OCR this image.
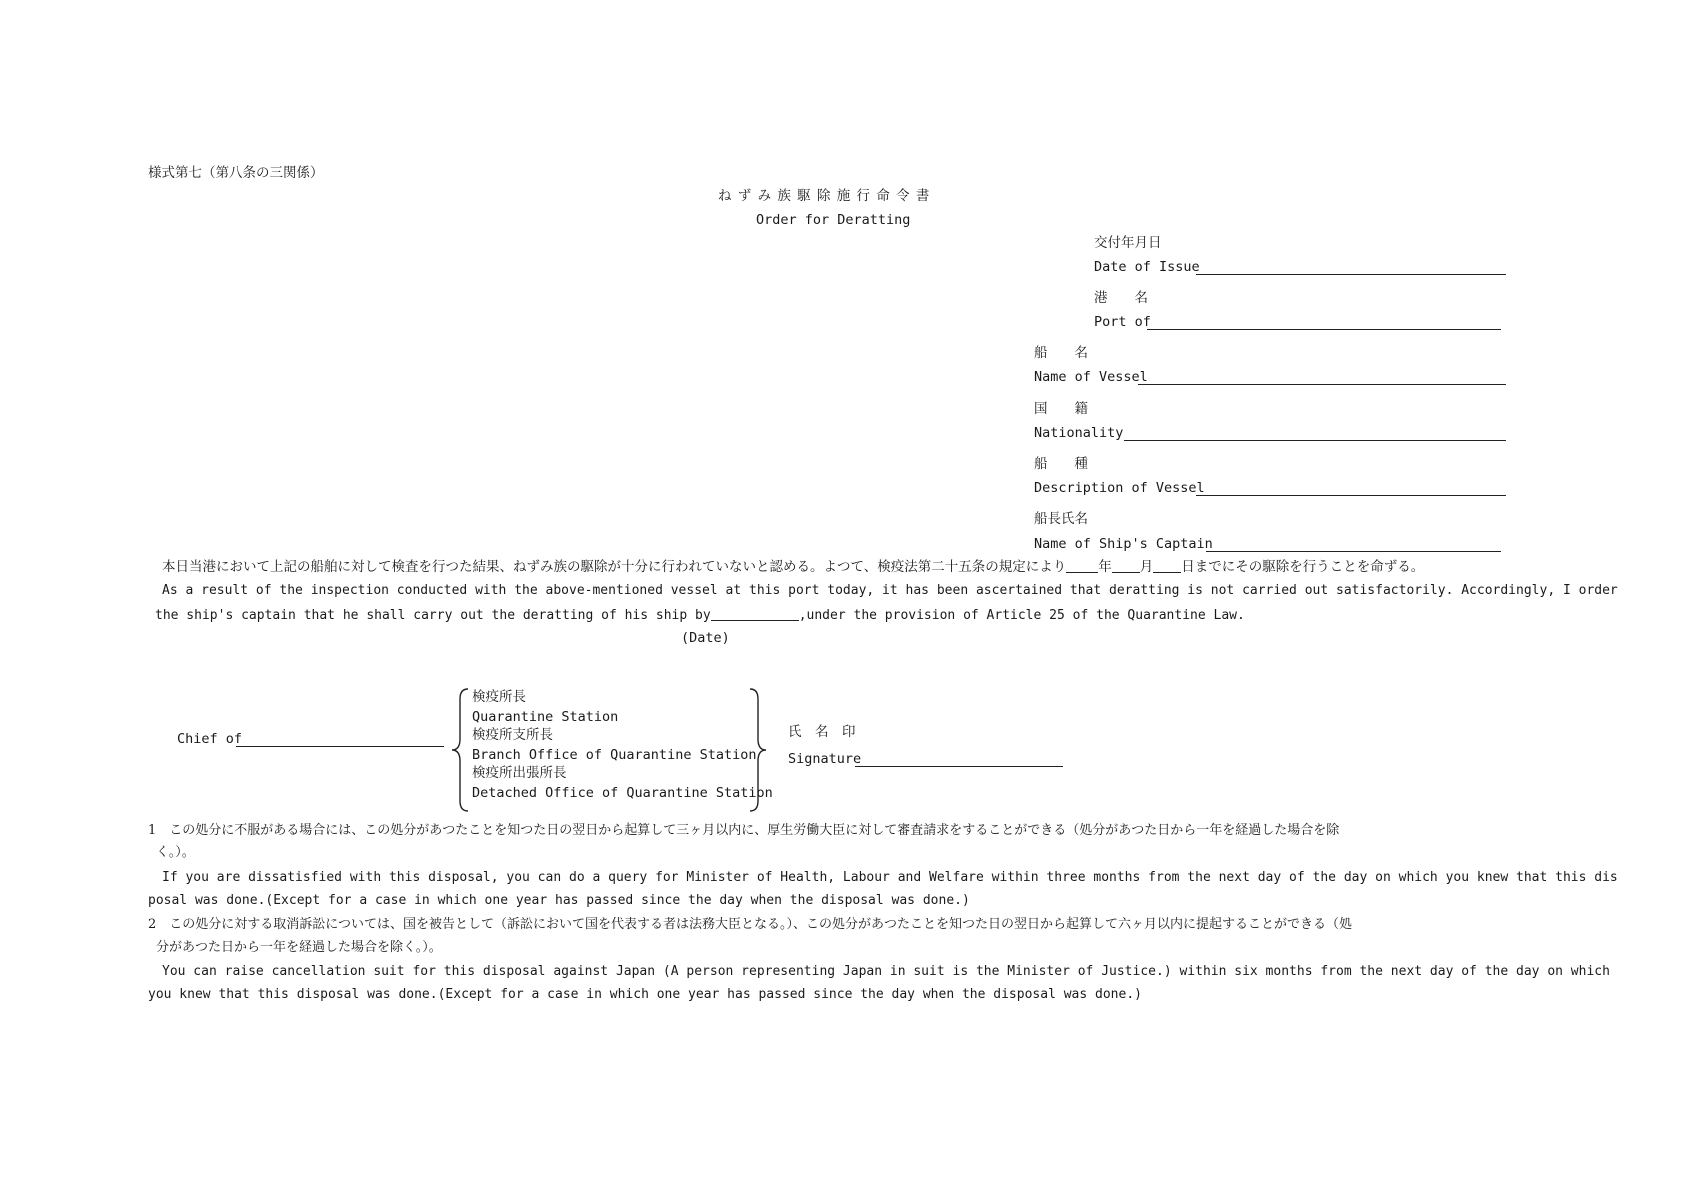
様式第七（第八条の三関係）
ね ず み 族 駆 除 施 行 命 令 書
Order for Deratting
交付年月日
Date of Issue
港　　名
Port of
船　　名
Name of Vessel
国　　籍
Nationality
船　　種
Description of Vessel
船長氏名
Name of Ship's Captain
本日当港において上記の船舶に対して検査を行つた結果、ねずみ族の駆除が十分に行われていないと認める。よつて、検疫法第二十五条の規定により 年 月 日までにその駆除を行うことを命ずる。
As a result of the inspection conducted with the above-mentioned vessel at this port today, it has been ascertained that deratting is not carried out satisfactorily. Accordingly, I order
the ship's captain that he shall carry out the deratting of his ship by	,under the provision of Article 25 of the Quarantine Law.
(Date)
Chief of
検疫所長
Quarantine Station
検疫所支所長
Branch Office of Quarantine Station
検疫所出張所長
Detached Office of Quarantine Station
氏　名　印
Signature
1　この処分に不服がある場合には、この処分があつたことを知つた日の翌日から起算して三ヶ月以内に、厚生労働大臣に対して審査請求をすることができる（処分があつた日から一年を経過した場合を除
く。）。
If you are dissatisfied with this disposal, you can do a query for Minister of Health, Labour and Welfare within three months from the next day of the day on which you knew that this dis
posal was done.(Except for a case in which one year has passed since the day when the disposal was done.)
2　この処分に対する取消訴訟については、国を被告として（訴訟において国を代表する者は法務大臣となる。）、この処分があつたことを知つた日の翌日から起算して六ヶ月以内に提起することができる（処
分があつた日から一年を経過した場合を除く。）。
You can raise cancellation suit for this disposal against Japan (A person representing Japan in suit is the Minister of Justice.) within six months from the next day of the day on which
you knew that this disposal was done.(Except for a case in which one year has passed since the day when the disposal was done.)
